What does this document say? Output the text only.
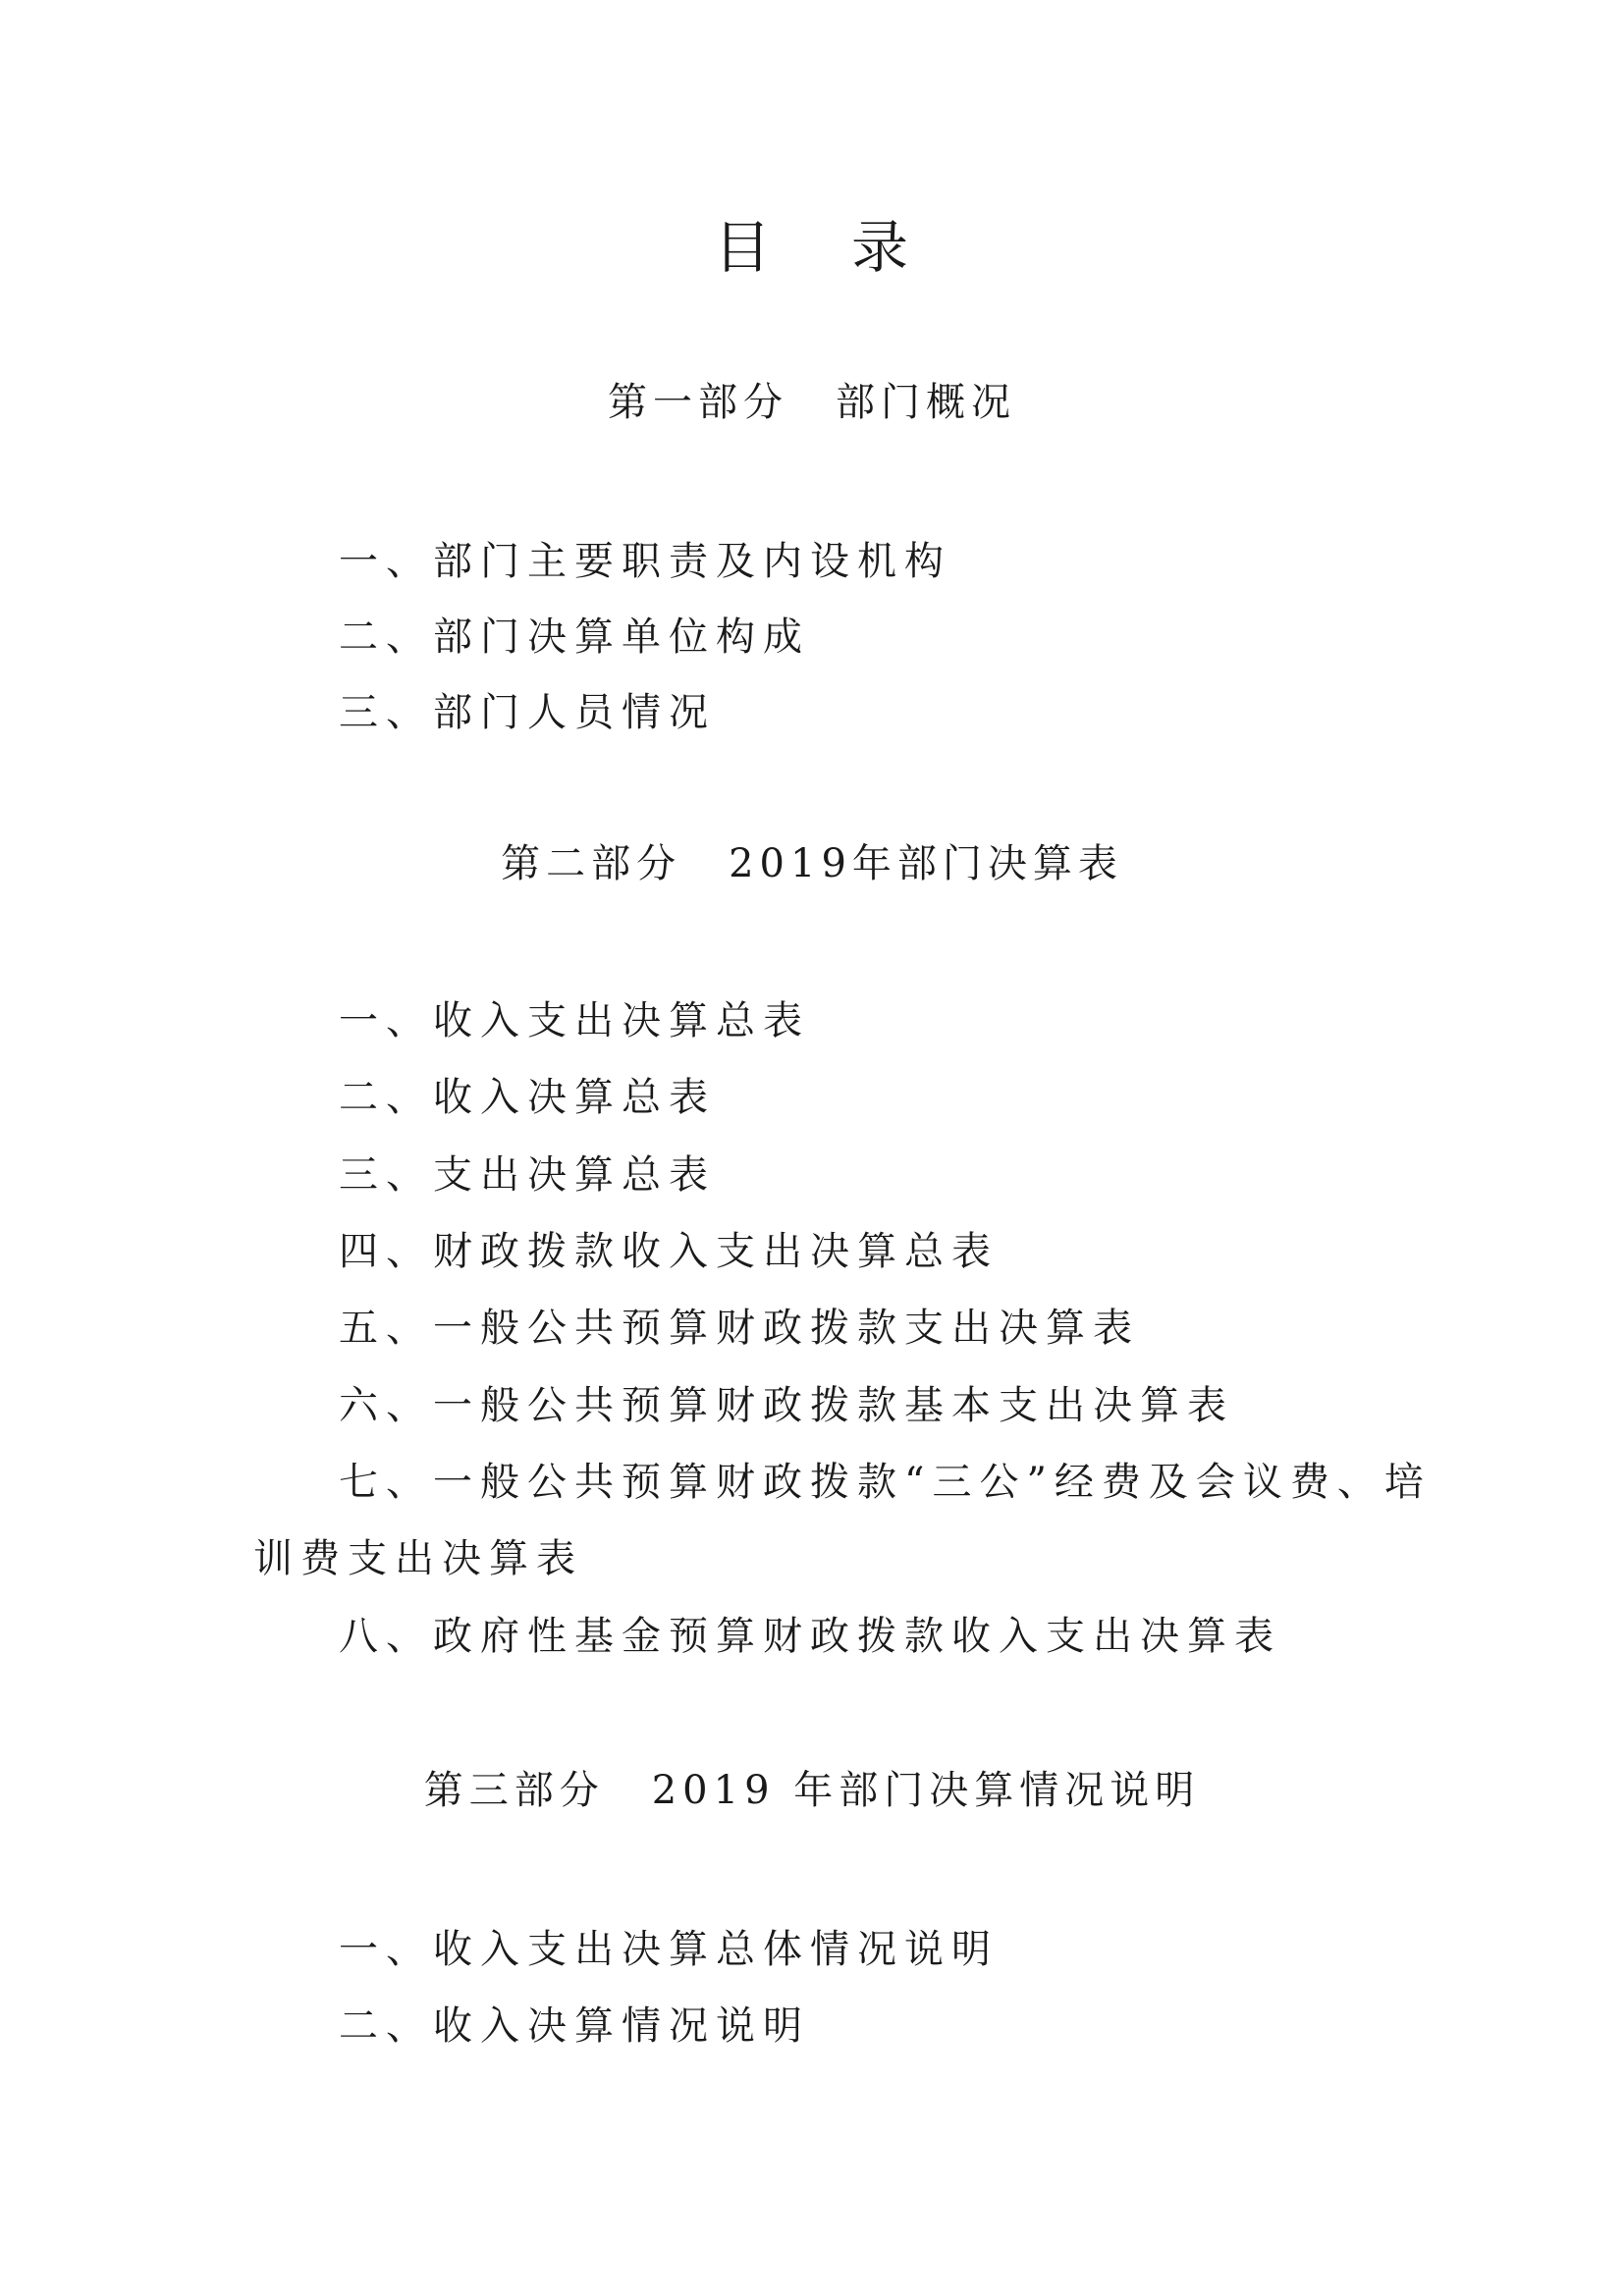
目 录
第一部分 部门概况
一、部门主要职责及内设机构
二、部门决算单位构成
三、部门人员情况
第二部分 2019年部门决算表
一、收入支出决算总表
二、收入决算总表
三、支出决算总表
四、财政拨款收入支出决算总表
五、一般公共预算财政拨款支出决算表
六、一般公共预算财政拨款基本支出决算表
七、一般公共预算财政拨款“三公”经费及会议费、培
训费支出决算表
八、政府性基金预算财政拨款收入支出决算表
第三部分 2019 年部门决算情况说明
一、收入支出决算总体情况说明
二、收入决算情况说明
